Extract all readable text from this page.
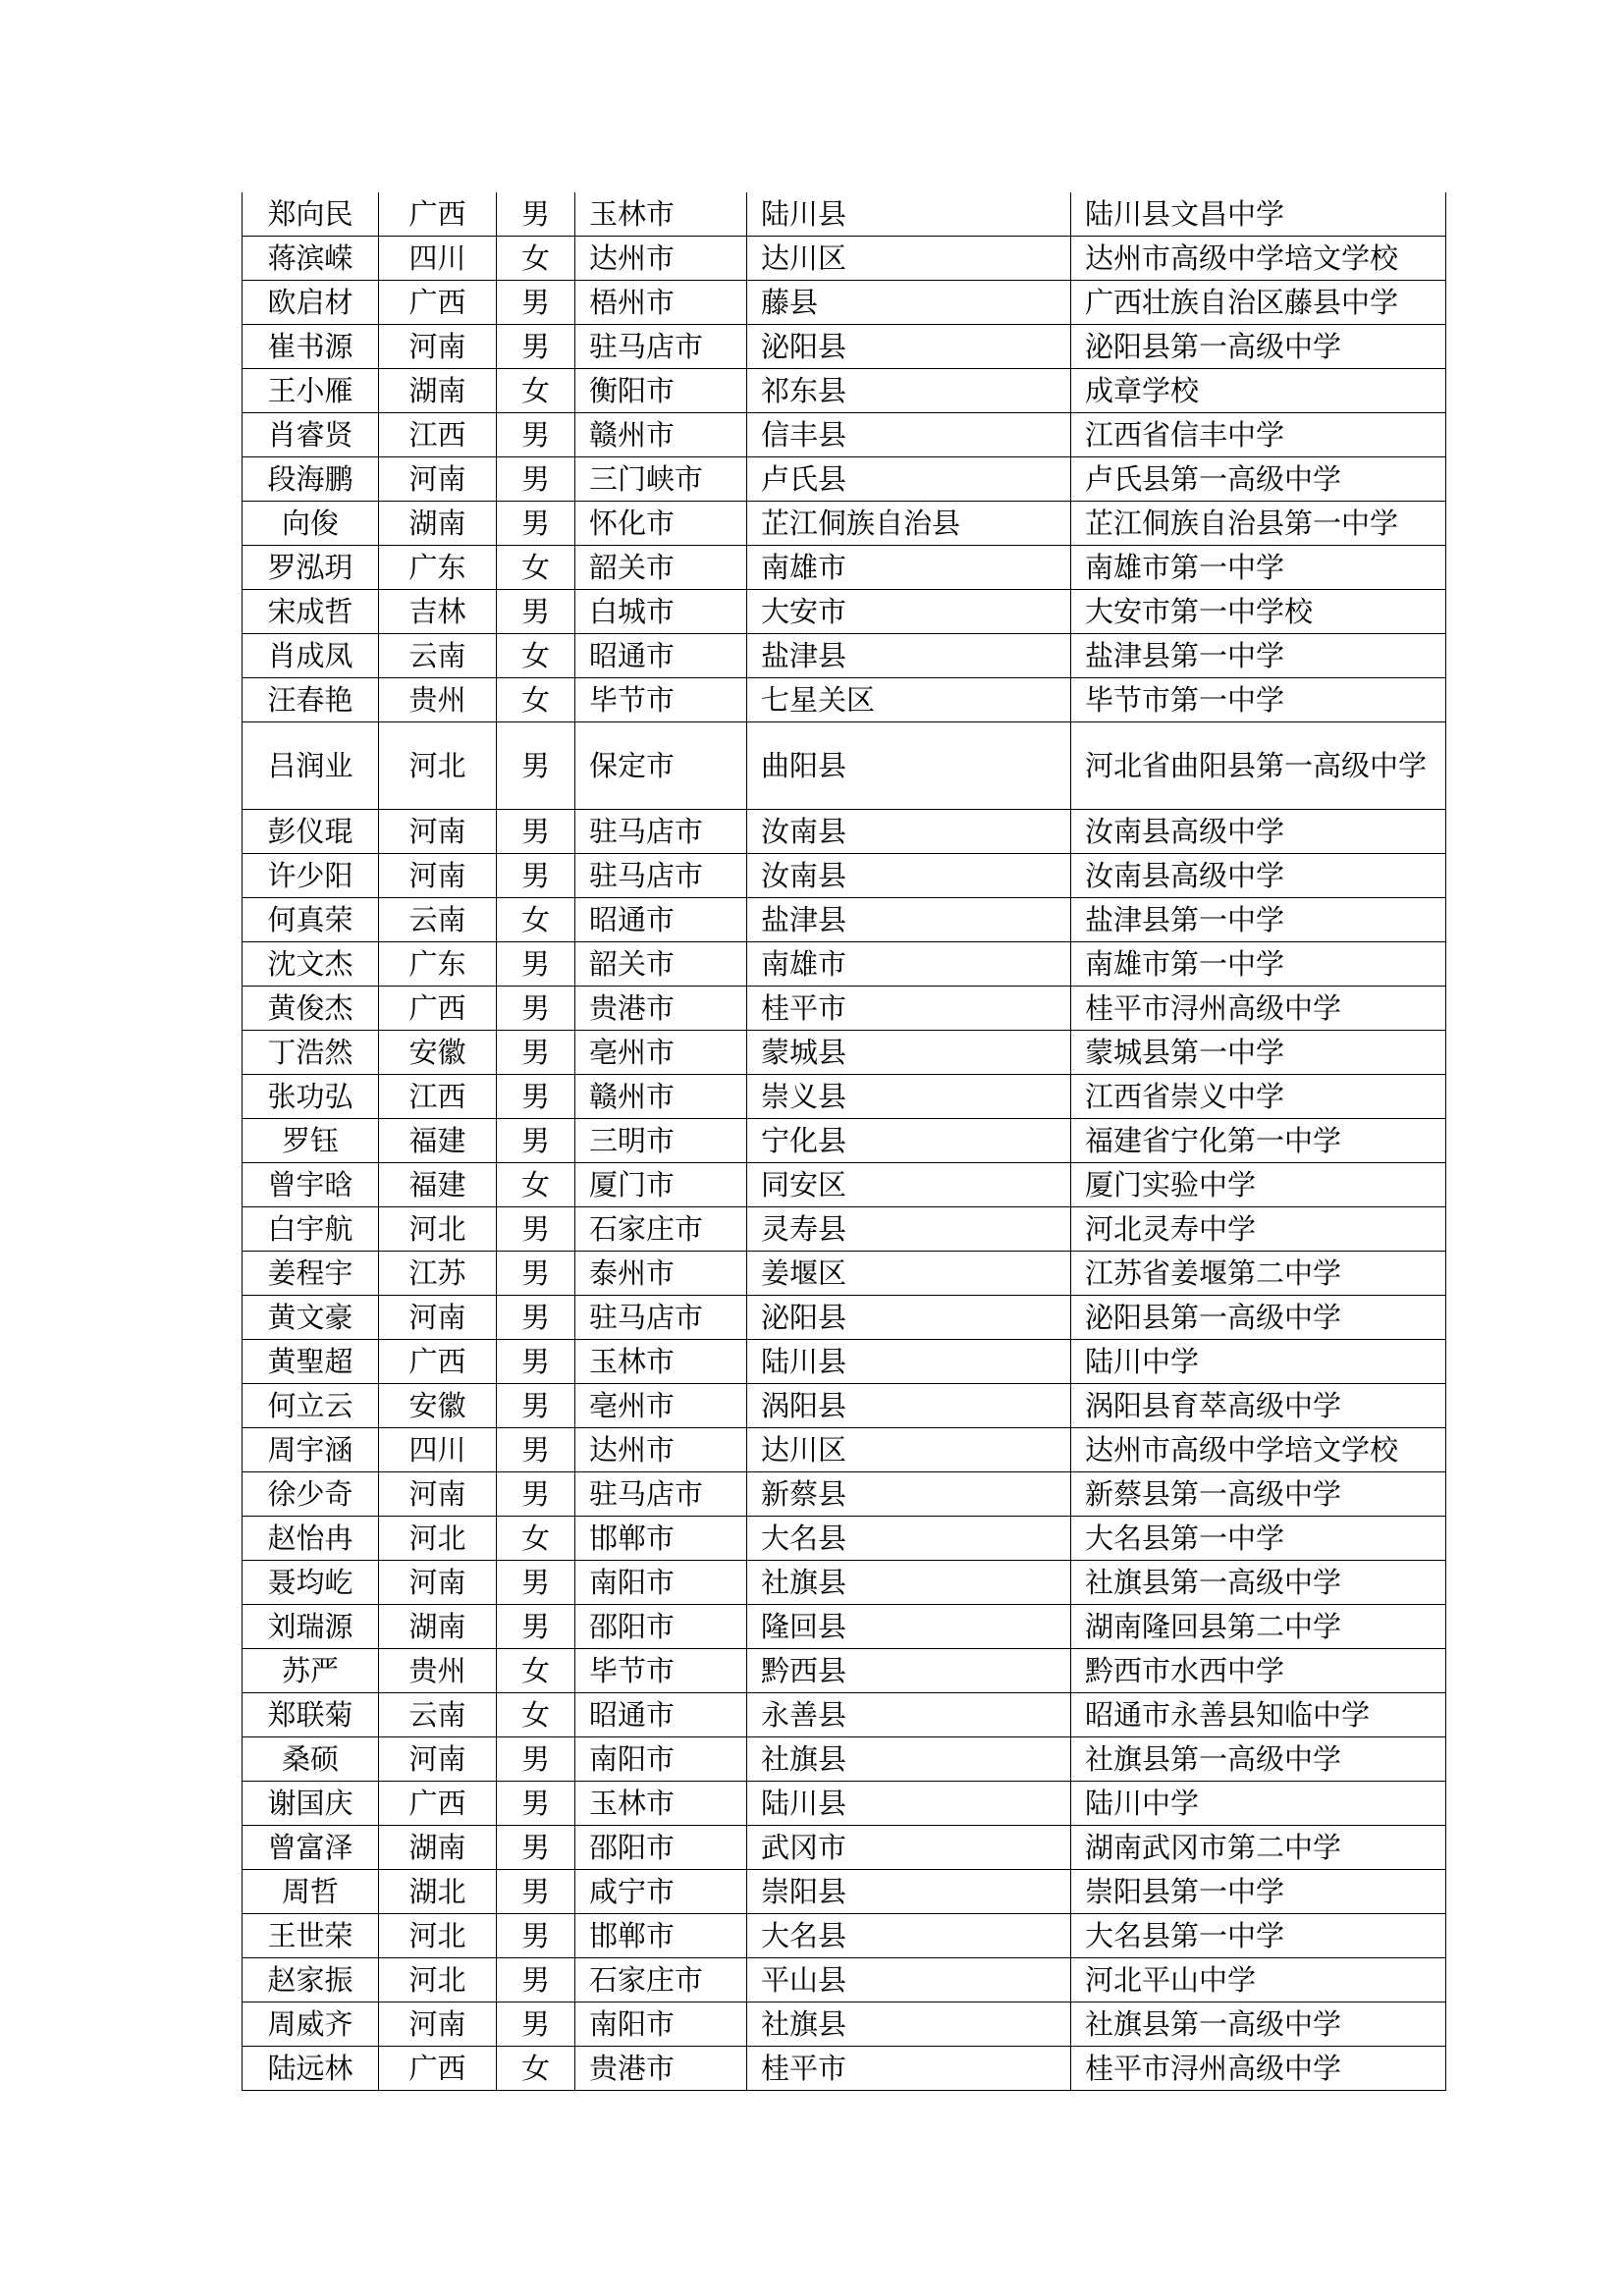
郑向民	广西	男	玉林市	陆川县	陆川县文昌中学
蒋滨嵘	四川	女	达州市	达川区	达州市高级中学培文学校
欧启材	广西	男	梧州市	藤县	广西壮族自治区藤县中学
崔书源	河南	男	驻马店市	泌阳县	泌阳县第一高级中学
王小雁	湖南	女	衡阳市	祁东县	成章学校
肖睿贤	江西	男	赣州市	信丰县	江西省信丰中学
段海鹏	河南	男	三门峡市	卢氏县	卢氏县第一高级中学
向俊	湖南	男	怀化市	芷江侗族自治县	芷江侗族自治县第一中学
罗泓玥	广东	女	韶关市	南雄市	南雄市第一中学
宋成哲	吉林	男	白城市	大安市	大安市第一中学校
肖成凤	云南	女	昭通市	盐津县	盐津县第一中学
汪春艳	贵州	女	毕节市	七星关区	毕节市第一中学
吕润业	河北	男	保定市	曲阳县	河北省曲阳县第一高级中学
彭仪琨	河南	男	驻马店市	汝南县	汝南县高级中学
许少阳	河南	男	驻马店市	汝南县	汝南县高级中学
何真荣	云南	女	昭通市	盐津县	盐津县第一中学
沈文杰	广东	男	韶关市	南雄市	南雄市第一中学
黄俊杰	广西	男	贵港市	桂平市	桂平市浔州高级中学
丁浩然	安徽	男	亳州市	蒙城县	蒙城县第一中学
张功弘	江西	男	赣州市	崇义县	江西省崇义中学
罗钰	福建	男	三明市	宁化县	福建省宁化第一中学
曾宇晗	福建	女	厦门市	同安区	厦门实验中学
白宇航	河北	男	石家庄市	灵寿县	河北灵寿中学
姜程宇	江苏	男	泰州市	姜堰区	江苏省姜堰第二中学
黄文豪	河南	男	驻马店市	泌阳县	泌阳县第一高级中学
黄聖超	广西	男	玉林市	陆川县	陆川中学
何立云	安徽	男	亳州市	涡阳县	涡阳县育萃高级中学
周宇涵	四川	男	达州市	达川区	达州市高级中学培文学校
徐少奇	河南	男	驻马店市	新蔡县	新蔡县第一高级中学
赵怡冉	河北	女	邯郸市	大名县	大名县第一中学
聂均屹	河南	男	南阳市	社旗县	社旗县第一高级中学
刘瑞源	湖南	男	邵阳市	隆回县	湖南隆回县第二中学
苏严	贵州	女	毕节市	黔西县	黔西市水西中学
郑联菊	云南	女	昭通市	永善县	昭通市永善县知临中学
桑硕	河南	男	南阳市	社旗县	社旗县第一高级中学
谢国庆	广西	男	玉林市	陆川县	陆川中学
曾富泽	湖南	男	邵阳市	武冈市	湖南武冈市第二中学
周哲	湖北	男	咸宁市	崇阳县	崇阳县第一中学
王世荣	河北	男	邯郸市	大名县	大名县第一中学
赵家振	河北	男	石家庄市	平山县	河北平山中学
周威齐	河南	男	南阳市	社旗县	社旗县第一高级中学
陆远林	广西	女	贵港市	桂平市	桂平市浔州高级中学
